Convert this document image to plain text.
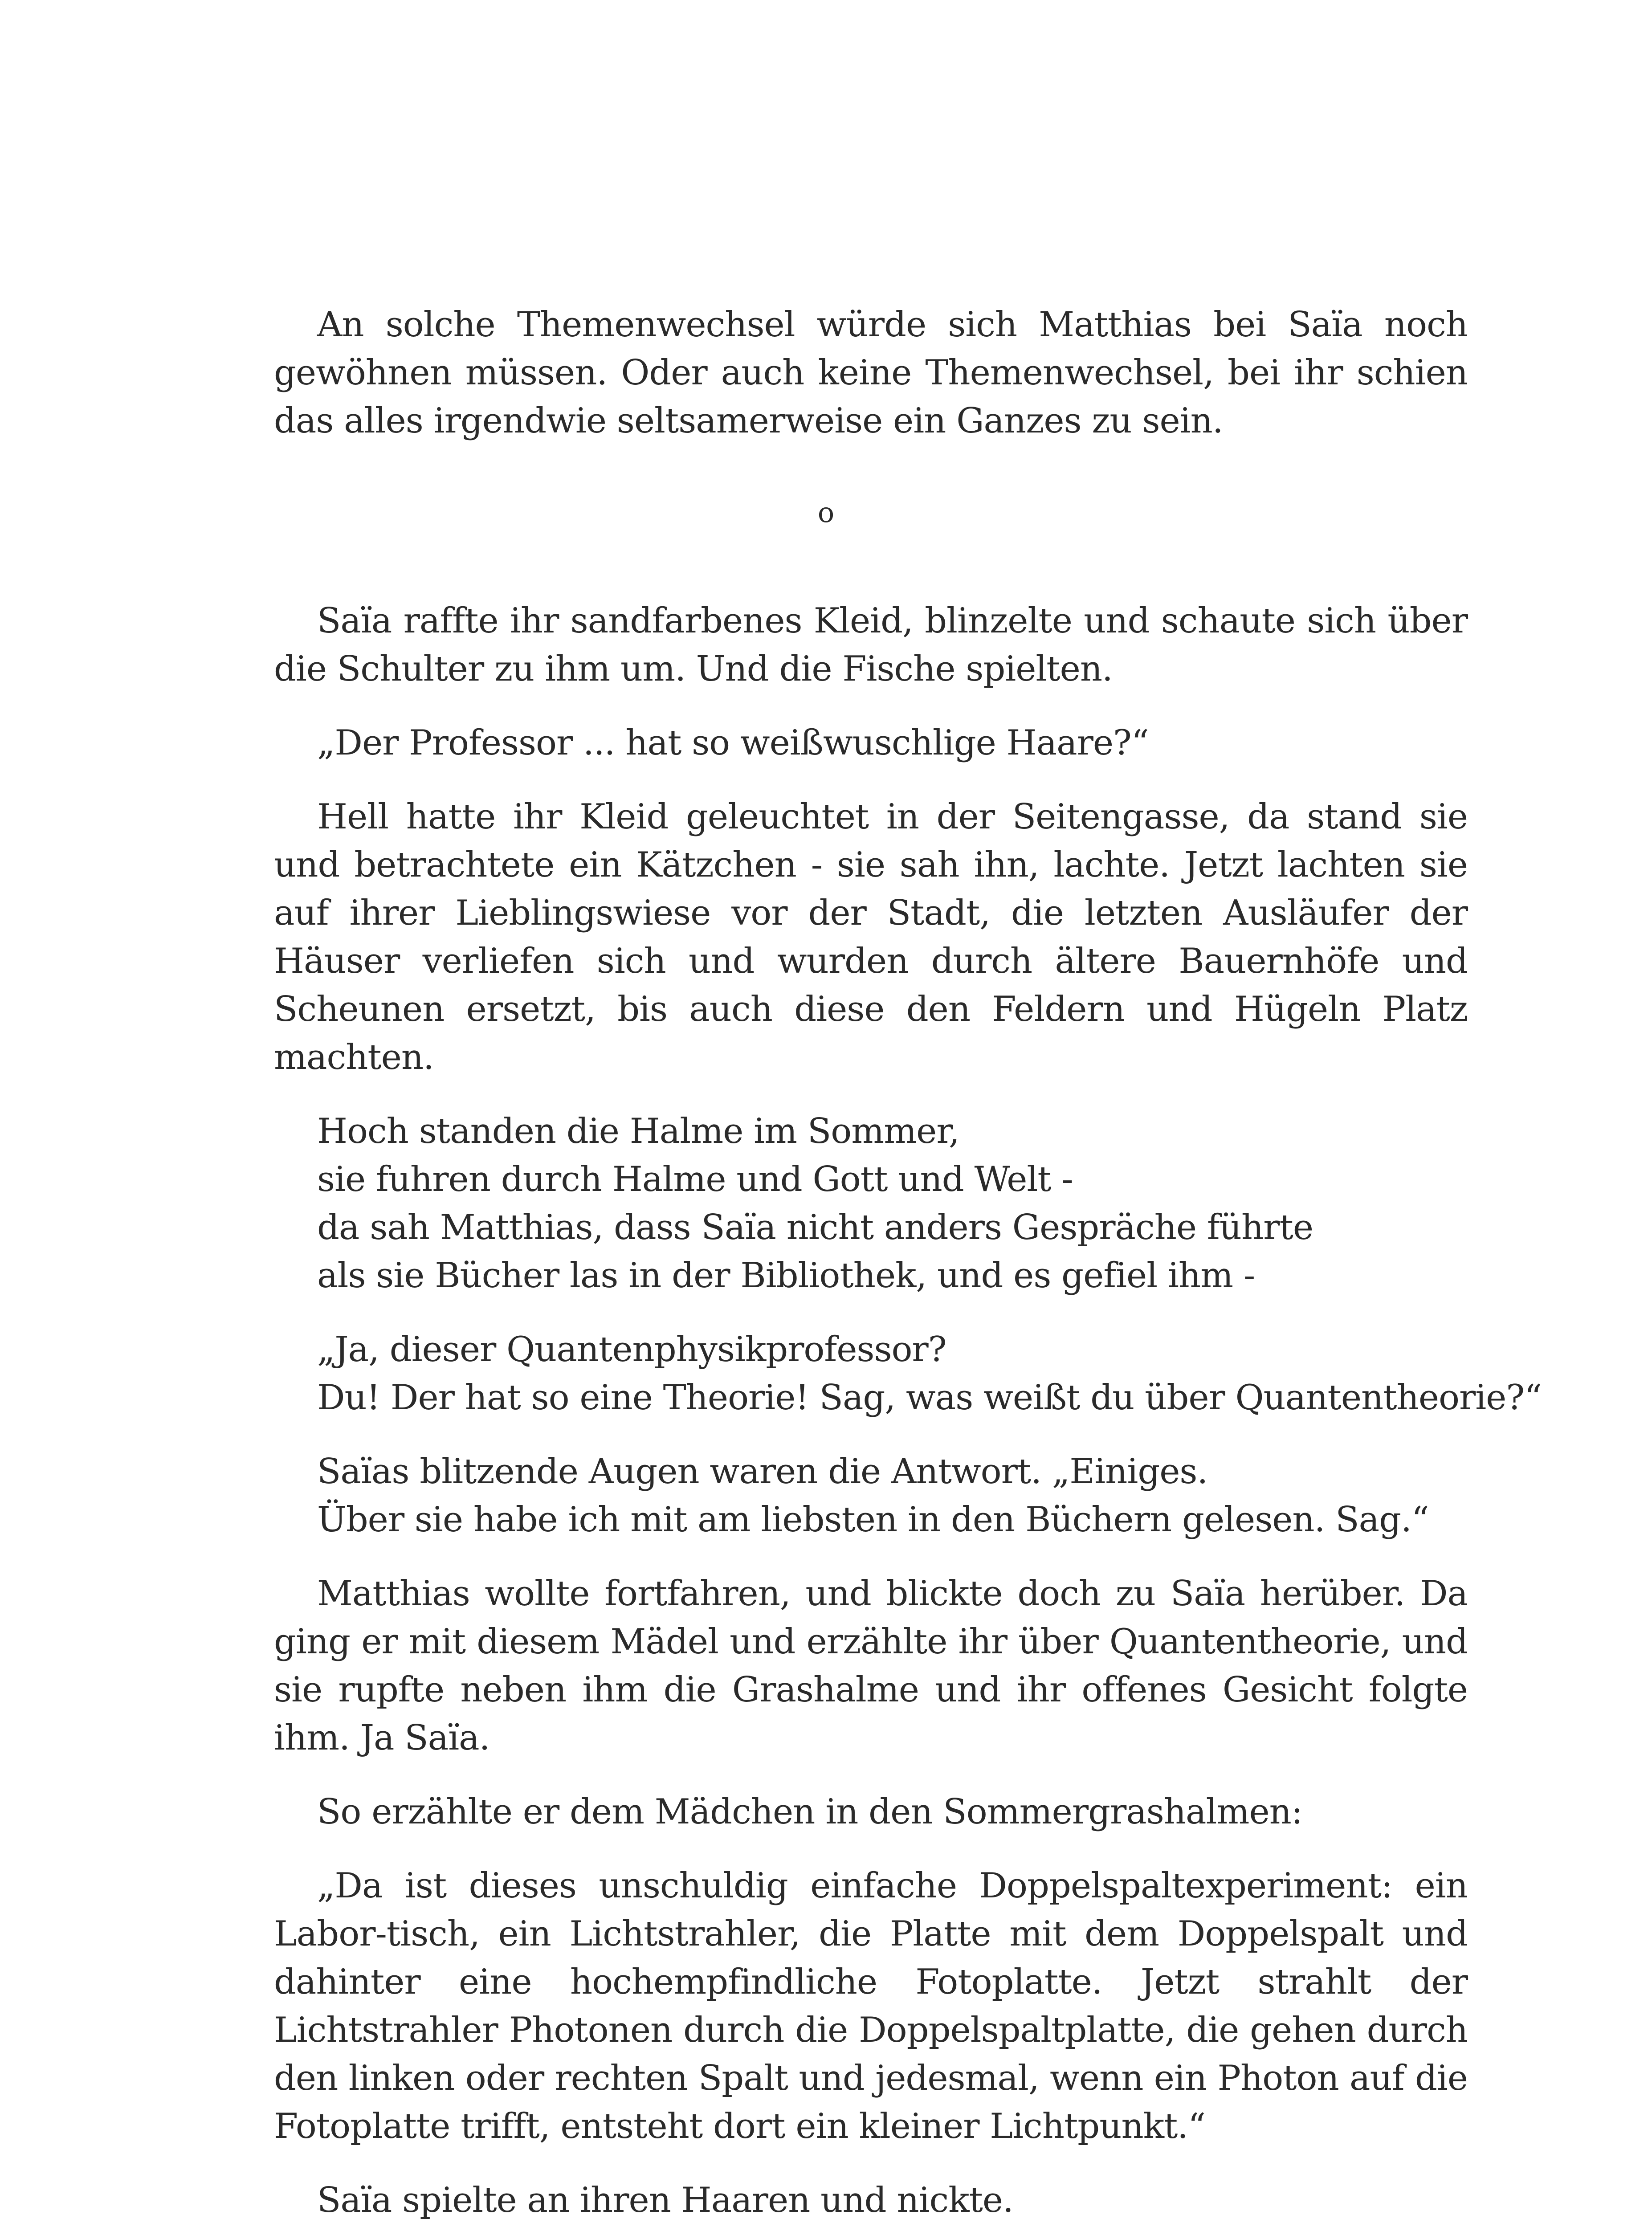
An solche Themenwechsel würde sich Matthias bei Saïa noch gewöhnen müssen. Oder auch keine Themenwechsel, bei ihr schien das alles irgendwie seltsamerweise ein Ganzes zu sein.

o

Saïa raffte ihr sandfarbenes Kleid, blinzelte und schaute sich über die Schulter zu ihm um. Und die Fische spielten.

„Der Professor ... hat so weißwuschlige Haare?“

Hell hatte ihr Kleid geleuchtet in der Seitengasse, da stand sie und betrachtete ein Kätzchen - sie sah ihn, lachte. Jetzt lachten sie auf ihrer Lieblingswiese vor der Stadt, die letzten Ausläufer der Häuser verliefen sich und wurden durch ältere Bauernhöfe und Scheunen ersetzt, bis auch diese den Feldern und Hügeln Platz machten.

Hoch standen die Halme im Sommer,
sie fuhren durch Halme und Gott und Welt -
da sah Matthias, dass Saïa nicht anders Gespräche führte
als sie Bücher las in der Bibliothek, und es gefiel ihm -
„Ja, dieser Quantenphysikprofessor?
Du! Der hat so eine Theorie! Sag, was weißt du über Quantentheorie?“
Saïas blitzende Augen waren die Antwort. „Einiges.
Über sie habe ich mit am liebsten in den Büchern gelesen. Sag.“

Matthias wollte fortfahren, und blickte doch zu Saïa herüber. Da ging er mit diesem Mädel und erzählte ihr über Quantentheorie, und sie rupfte neben ihm die Grashalme und ihr offenes Gesicht folgte ihm. Ja Saïa.

So erzählte er dem Mädchen in den Sommergrashalmen:

„Da ist dieses unschuldig einfache Doppelspaltexperiment: ein Labor-tisch, ein Lichtstrahler, die Platte mit dem Doppelspalt und dahinter eine hochempfindliche Fotoplatte. Jetzt strahlt der Lichtstrahler Photonen durch die Doppelspaltplatte, die gehen durch den linken oder rechten Spalt und jedesmal, wenn ein Photon auf die Fotoplatte trifft, entsteht dort ein kleiner Lichtpunkt.“

Saïa spielte an ihren Haaren und nickte.
